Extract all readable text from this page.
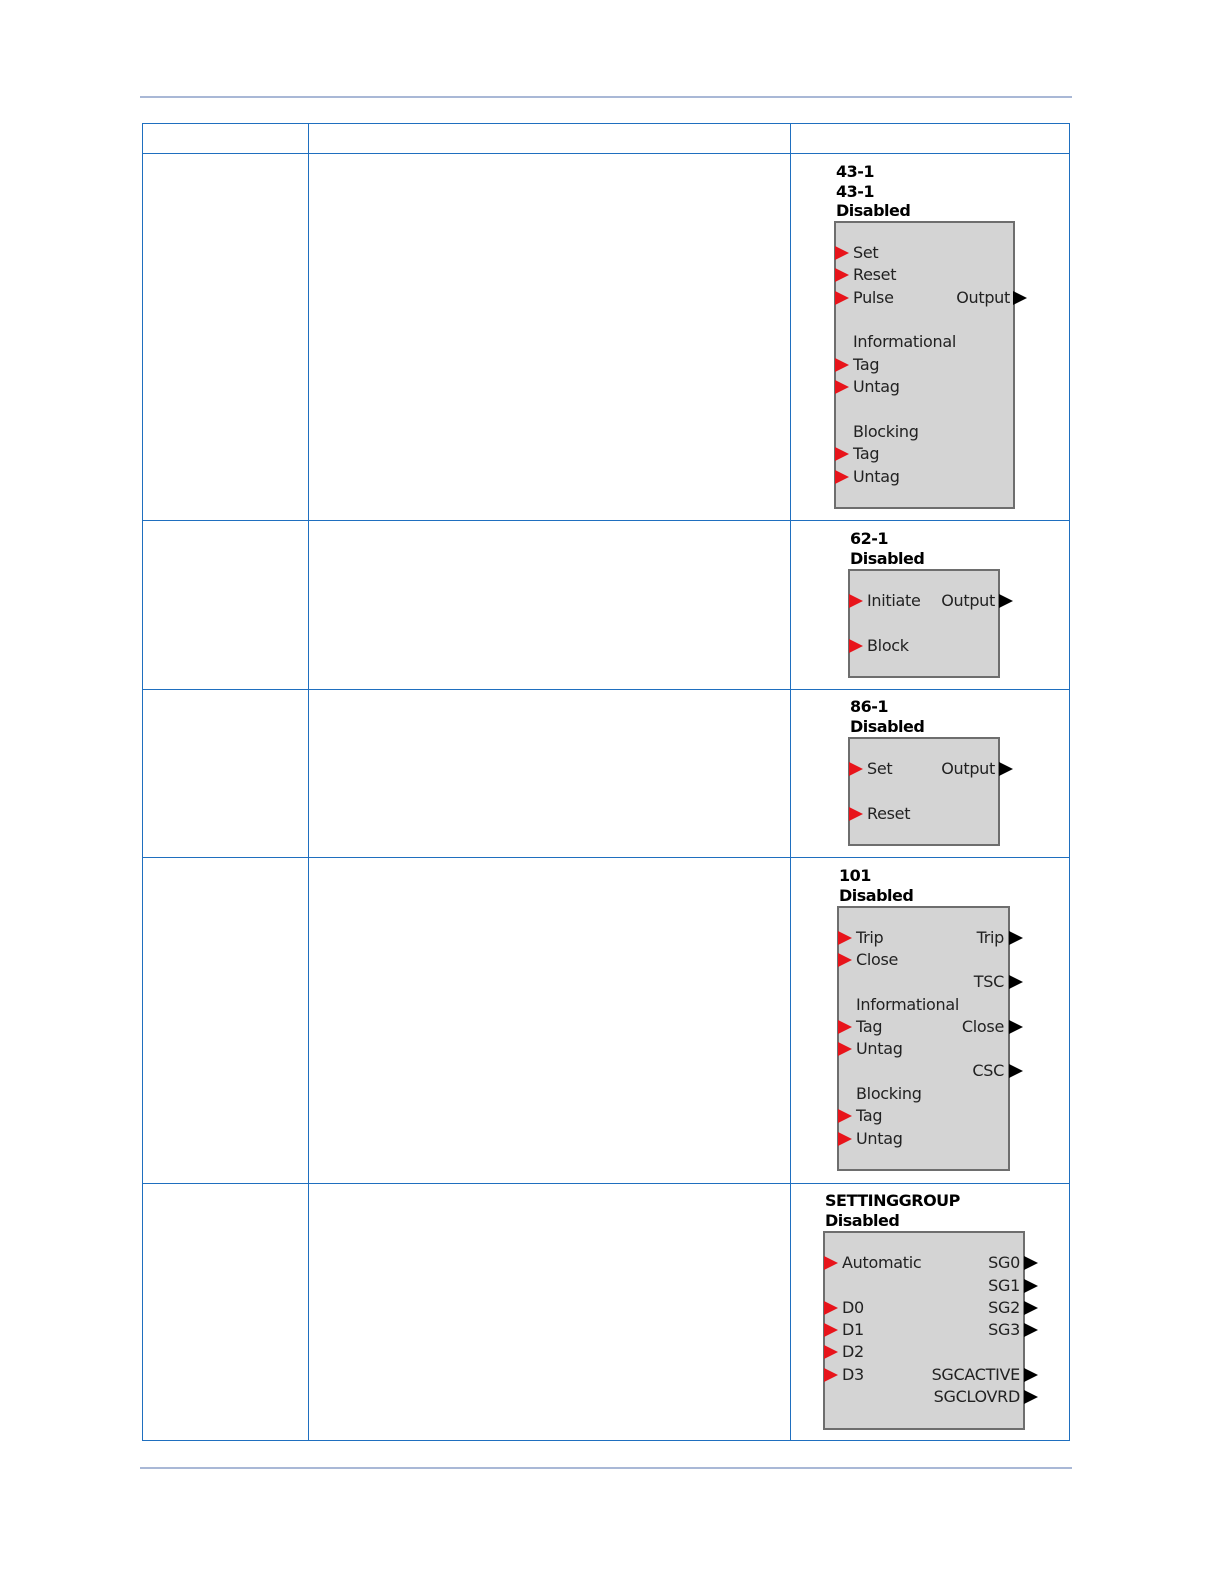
43-1
43-1
Disabled
Set
Reset
Pulse	Output
Informational
Tag
Untag
Blocking
Tag
Untag
62-1
Disabled
Initiate	Output
Block
86-1
Disabled
Set	Output
Reset
101
Disabled
Trip
Close
Informational
Tag
Untag
Blocking
Tag
Untag
Trip
TSC
Close
CSC
SETTINGGROUP
Disabled
Automatic
D0
D1
D2
D3
SG0
SG1
SG2
SG3
SGCACTIVE
SGCLOVRD
